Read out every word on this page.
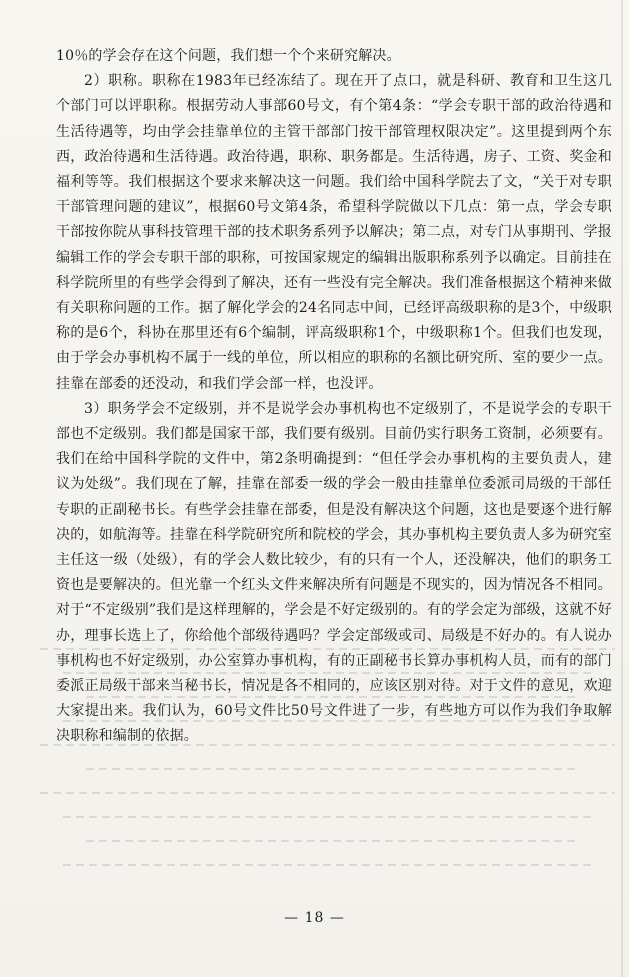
10％的学会存在这个问题，我们想一个个来研究解决。

2）职称。职称在1983年已经冻结了。现在开了点口，就是科研、教育和卫生这几个部门可以评职称。根据劳动人事部60号文，有个第4条：“学会专职干部的政治待遇和生活待遇等，均由学会挂靠单位的主管干部部门按干部管理权限决定”。这里提到两个东西，政治待遇和生活待遇。政治待遇，职称、职务都是。生活待遇，房子、工资、奖金和福利等等。我们根据这个要求来解决这一问题。我们给中国科学院去了文，“关于对专职干部管理问题的建议”，根据60号文第4条，希望科学院做以下几点：第一点，学会专职干部按你院从事科技管理干部的技术职务系列予以解决；第二点，对专门从事期刊、学报编辑工作的学会专职干部的职称，可按国家规定的编辑出版职称系列予以确定。目前挂在科学院所里的有些学会得到了解决，还有一些没有完全解决。我们准备根据这个精神来做有关职称问题的工作。据了解化学会的24名同志中间，已经评高级职称的是3个，中级职称的是6个，科协在那里还有6个编制，评高级职称1个，中级职称1个。但我们也发现，由于学会办事机构不属于一线的单位，所以相应的职称的名额比研究所、室的要少一点。挂靠在部委的还没动，和我们学会部一样，也没评。

3）职务学会不定级别，并不是说学会办事机构也不定级别了，不是说学会的专职干部也不定级别。我们都是国家干部，我们要有级别。目前仍实行职务工资制，必须要有。我们在给中国科学院的文件中，第2条明确提到：“但任学会办事机构的主要负责人，建议为处级”。我们现在了解，挂靠在部委一级的学会一般由挂靠单位委派司局级的干部任专职的正副秘书长。有些学会挂靠在部委，但是没有解决这个问题，这也是要逐个进行解决的，如航海等。挂靠在科学院研究所和院校的学会，其办事机构主要负责人多为研究室主任这一级（处级），有的学会人数比较少，有的只有一个人，还没解决，他们的职务工资也是要解决的。但光靠一个红头文件来解决所有问题是不现实的，因为情况各不相同。对于“不定级别”我们是这样理解的，学会是不好定级别的。有的学会定为部级，这就不好办，理事长选上了，你给他个部级待遇吗？学会定部级或司、局级是不好办的。有人说办事机构也不好定级别，办公室算办事机构，有的正副秘书长算办事机构人员，而有的部门委派正局级干部来当秘书长，情况是各不相同的，应该区别对待。对于文件的意见，欢迎大家提出来。我们认为，60号文件比50号文件进了一步，有些地方可以作为我们争取解决职称和编制的依据。

— 18 —
